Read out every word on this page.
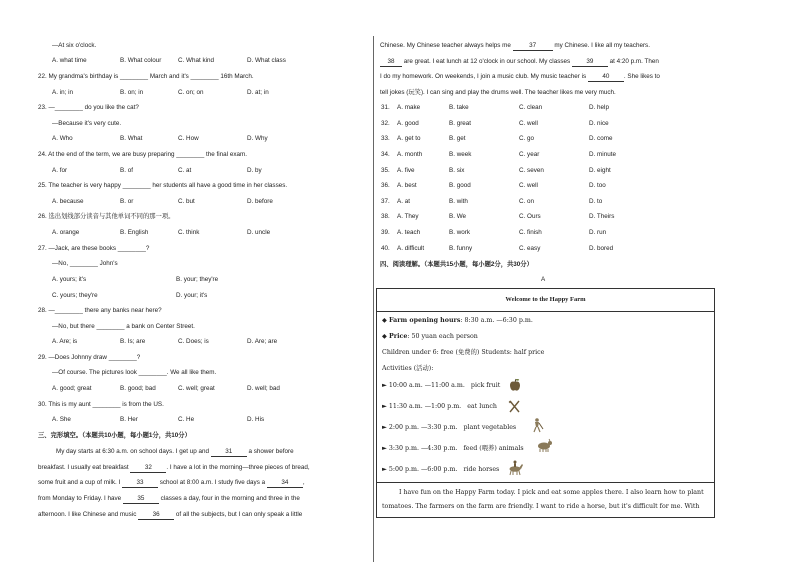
—At six o'clock.
A. what time	B. What colour	C. What kind	D. What class
22. My grandma's birthday is ________ March and it's ________ 16th March.
A. in; in	B. on; in	C. on; on	D. at; in
23. —________ do you like the cat?
—Because it's very cute.
A. Who	B. What	C. How	D. Why
24. At the end of the term, we are busy preparing ________ the final exam.
A. for	B. of	C. at	D. by
25. The teacher is very happy ________ her students all have a good time in her classes.
A. because	B. or	C. but	D. before
26. 选出划线部分读音与其他单词不同的那一项。
A. orange	B. English	C. think	D. uncle
27. —Jack, are these books ________?
—No, ________ John's
A. yours; it's	B. your; they're
C. yours; they're	D. your; it's
28. —________ there any banks near here?
—No, but there ________ a bank on Center Street.
A. Are; is	B. Is; are	C. Does; is	D. Are; are
29. —Does Johnny draw ________?
—Of course. The pictures look ________. We all like them.
A. good; great	B. good; bad	C. well; great	D. well; bad
30. This is my aunt ________ is from the US.
A. She	B. Her	C. He	D. His
三、完形填空。（本题共10小题，每小题1分，共10分）
My day starts at 6:30 a.m. on school days. I get up and 31 a shower before
breakfast. I usually eat breakfast 32 . I have a lot in the morning—three pieces of bread,
some fruit and a cup of milk. I 33 school at 8:00 a.m. I study five days a 34 ,
from Monday to Friday. I have 35 classes a day, four in the morning and three in the
afternoon. I like Chinese and music 36 of all the subjects, but I can only speak a little
Chinese. My Chinese teacher always helps me	37	my Chinese. I like all my teachers.
38 are great. I eat lunch at 12 o'clock in our school. My classes 39 at 4:20 p.m. Then
I do my homework. On weekends, I join a music club. My music teacher is 40 . She likes to
tell jokes (玩笑). I can sing and play the drums well. The teacher likes me very much.
31. A. make	B. take	C. clean	D. help
32. A. good	B. great	C. well	D. nice
33. A. get to	B. get	C. go	D. come
34. A. month	B. week	C. year	D. minute
35. A. five	B. six	C. seven	D. eight
36. A. best	B. good	C. well	D. too
37. A. at	B. with	C. on	D. to
38. A. They	B. We	C. Ours	D. Theirs
39. A. teach	B. work	C. finish	D. run
40. A. difficult	B. funny	C. easy	D. bored
四、阅读理解。（本题共15小题，每小题2分，共30分）
A
Welcome to the Happy Farm
◆ Farm opening hours: 8:30 a.m. —6:30 p.m.
◆ Price: 50 yuan each person
Children under 6: free (免费的) Students: half price
Activities (活动):
► 10:00 a.m. —11:00 a.m. pick fruit
► 11:30 a.m. —1:00 p.m. eat lunch
► 2:00 p.m. —3:30 p.m. plant vegetables
► 3:30 p.m. —4:30 p.m. feed (喂养) animals
► 5:00 p.m. —6:00 p.m. ride horses
I have fun on the Happy Farm today. I pick and eat some apples there. I also learn how to plant
tomatoes. The farmers on the farm are friendly. I want to ride a horse, but it's difficult for me. With
